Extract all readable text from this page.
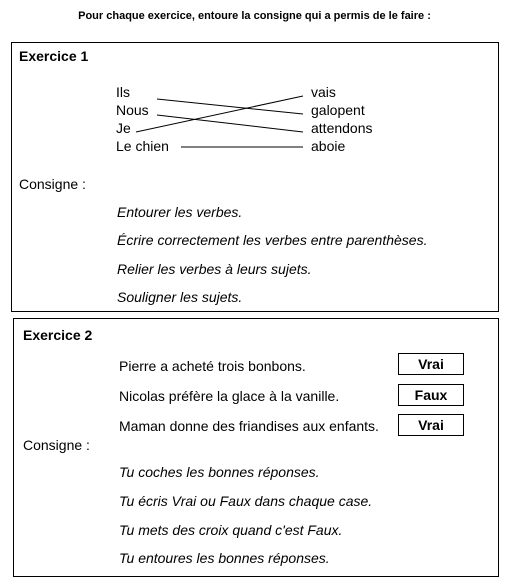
Pour chaque exercice, entoure la consigne qui a permis de le faire :
Exercice 1
Ils
Nous
Je
Le chien
vais
galopent
attendons
aboie
Consigne :
Entourer les verbes.
Écrire correctement les verbes entre parenthèses.
Relier les verbes à leurs sujets.
Souligner les sujets.
Exercice 2
Pierre a acheté trois bonbons.	Vrai
Nicolas préfère la glace à la vanille.	Faux
Maman donne des friandises aux enfants.	Vrai
Consigne :
Tu coches les bonnes réponses.
Tu écris Vrai ou Faux dans chaque case.
Tu mets des croix quand c'est Faux.
Tu entoures les bonnes réponses.
